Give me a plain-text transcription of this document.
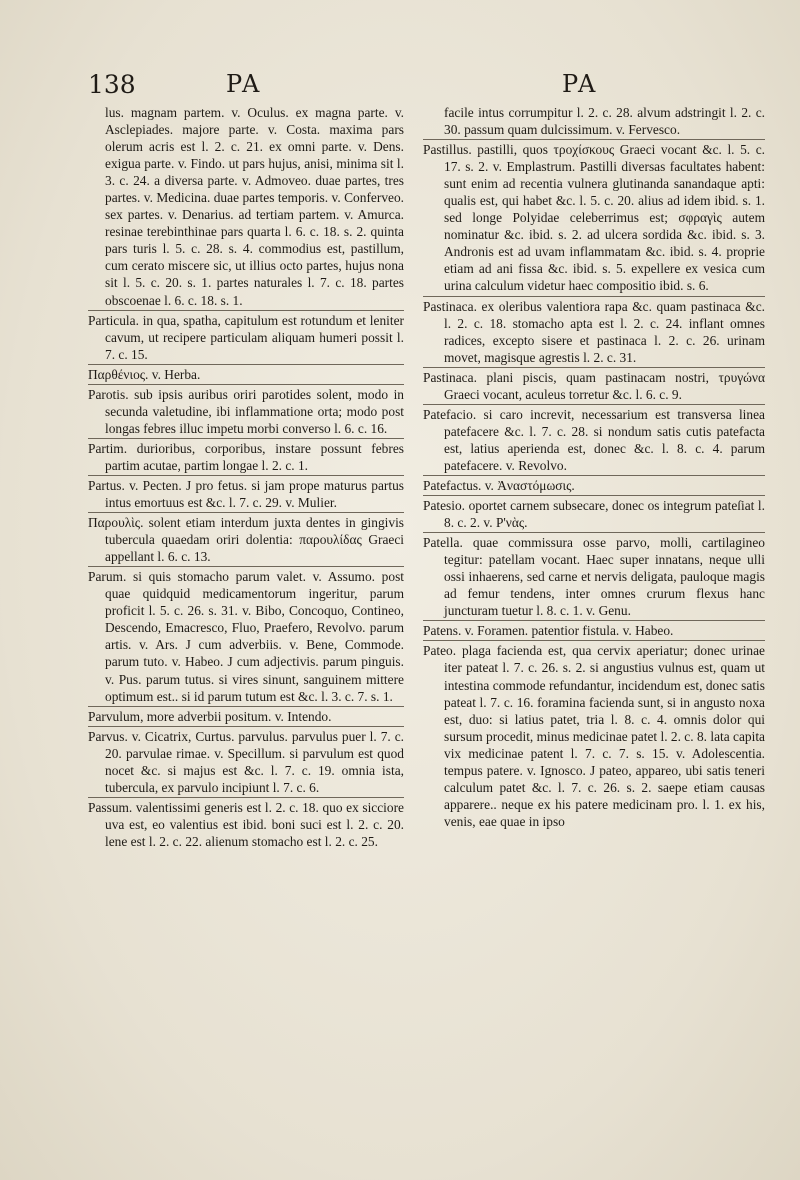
138	PA	PA
lus. magnam partem. v. Oculus. ex magna parte. v. Asclepiades. majore parte. v. Costa. maxima pars olerum acris est l. 2. c. 21. ex omni parte. v. Dens. exigua parte. v. Findo. ut pars hujus, anisi, minima sit l. 3. c. 24. a diversa parte. v. Admoveo. duae partes, tres partes. v. Medicina. duae partes temporis. v. Conferveo. sex partes. v. Denarius. ad tertiam partem. v. Amurca. resinae terebinthinae pars quarta l. 6. c. 18. s. 2. quinta pars turis l. 5. c. 28. s. 4. commodius est, pastillum, cum cerato miscere sic, ut illius octo partes, hujus nona sit l. 5. c. 20. s. 1. partes naturales l. 7. c. 18. partes obscoenae l. 6. c. 18. s. 1.
Particula. in qua, spatha, capitulum est rotundum et leniter cavum, ut recipere particulam aliquam humeri possit l. 7. c. 15.
Παρθένιος. v. Herba.
Parotis. sub ipsis auribus oriri parotides solent, modo in secunda valetudine, ibi inflammatione orta; modo post longas febres illuc impetu morbi converso l. 6. c. 16.
Partim. durioribus, corporibus, instare possunt febres partim acutae, partim longae l. 2. c. 1.
Partus. v. Pecten. J pro fetus. si jam prope maturus partus intus emortuus est &c. l. 7. c. 29. v. Mulier.
Παρουλὶς. solent etiam interdum juxta dentes in gingivis tubercula quaedam oriri dolentia: παρουλίδας Graeci appellant l. 6. c. 13.
Parum. si quis stomacho parum valet. v. Assumo. post quae quidquid medicamentorum ingeritur, parum proficit l. 5. c. 26. s. 31. v. Bibo, Concoquo, Contineo, Descendo, Emacresco, Fluo, Praefero, Revolvo. parum artis. v. Ars. J cum adverbiis. v. Bene, Commode. parum tuto. v. Habeo. J cum adjectivis. parum pinguis. v. Pus. parum tutus. si vires sinunt, sanguinem mittere optimum est.. si id parum tutum est &c. l. 3. c. 7. s. 1.
Parvulum, more adverbii positum. v. Intendo.
Parvus. v. Cicatrix, Curtus. parvulus. parvulus puer l. 7. c. 20. parvulae rimae. v. Specillum. si parvulum est quod nocet &c. si majus est &c. l. 7. c. 19. omnia ista, tubercula, ex parvulo incipiunt l. 7. c. 6.
Passum. valentissimi generis est l. 2. c. 18. quo ex sicciore uva est, eo valentius est ibid. boni suci est l. 2. c. 20. lene est l. 2. c. 22. alienum stomacho est l. 2. c. 25.
facile intus corrumpitur l. 2. c. 28. alvum adstringit l. 2. c. 30. passum quam dulcissimum. v. Fervesco.
Pastillus. pastilli, quos τροχίσκους Graeci vocant &c. l. 5. c. 17. s. 2. v. Emplastrum. Pastilli diversas facultates habent: sunt enim ad recentia vulnera glutinanda sanandaque apti: qualis est, qui habet &c. l. 5. c. 20. alius ad idem ibid. s. 1. sed longe Polyidae celeberrimus est; σφραγὶς autem nominatur &c. ibid. s. 2. ad ulcera sordida &c. ibid. s. 3. Andronis est ad uvam inflammatam &c. ibid. s. 4. proprie etiam ad ani fissa &c. ibid. s. 5. expellere ex vesica cum urina calculum videtur haec compositio ibid. s. 6.
Pastinaca. ex oleribus valentiora rapa &c. quam pastinaca &c. l. 2. c. 18. stomacho apta est l. 2. c. 24. inflant omnes radices, excepto sisere et pastinaca l. 2. c. 26. urinam movet, magisque agrestis l. 2. c. 31.
Pastinaca. plani piscis, quam pastinacam nostri, τρυγώνα Graeci vocant, aculeus torretur &c. l. 6. c. 9.
Patefacio. si caro increvit, necessarium est transversa linea patefacere &c. l. 7. c. 28. si nondum satis cutis patefacta est, latius aperienda est, donec &c. l. 8. c. 4. parum patefacere. v. Revolvo.
Patefactus. v. Ἀναστόμωσις.
Patesio. oportet carnem subsecare, donec os integrum pateſiat l. 8. c. 2. v. Ρ'νὰς.
Patella. quae commissura osse parvo, molli, cartilagineo tegitur: patellam vocant. Haec super innatans, neque ulli ossi inhaerens, sed carne et nervis deligata, pauloque magis ad femur tendens, inter omnes crurum flexus hanc juncturam tuetur l. 8. c. 1. v. Genu.
Patens. v. Foramen. patentior fistula. v. Habeo.
Pateo. plaga facienda est, qua cervix aperiatur; donec urinae iter pateat l. 7. c. 26. s. 2. si angustius vulnus est, quam ut intestina commode refundantur, incidendum est, donec satis pateat l. 7. c. 16. foramina facienda sunt, si in angusto noxa est, duo: si latius patet, tria l. 8. c. 4. omnis dolor qui sursum procedit, minus medicinae patet l. 2. c. 8. lata capita vix medicinae patent l. 7. c. 7. s. 15. v. Adolescentia. tempus patere. v. Ignosco. J pateo, appareo, ubi satis teneri calculum patet &c. l. 7. c. 26. s. 2. saepe etiam causas apparere.. neque ex his patere medicinam pro. l. 1. ex his, venis, eae quae in ipso
